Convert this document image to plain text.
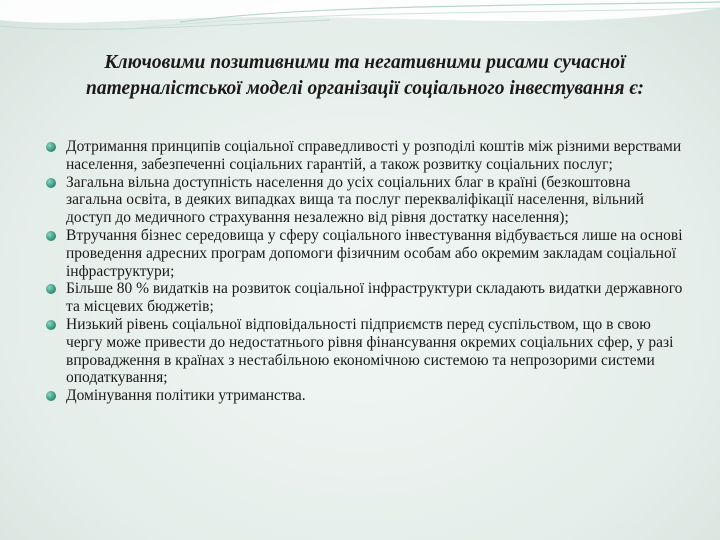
Ключовими позитивними та негативними рисами сучасної патерналістської моделі організації соціального інвестування є:
Дотримання принципів соціальної справедливості у розподілі коштів між різними верствами населення, забезпеченні соціальних гарантій, а також розвитку соціальних послуг;
Загальна вільна доступність населення до усіх соціальних благ в країні (безкоштовна загальна освіта, в деяких випадках вища та послуг перекваліфікації населення, вільний доступ до медичного страхування незалежно від рівня достатку населення);
Втручання бізнес середовища у сферу соціального інвестування відбувається лише на основі проведення адресних програм допомоги фізичним особам або окремим закладам соціальної інфраструктури;
Більше 80 % видатків на розвиток соціальної інфраструктури складають видатки державного та місцевих бюджетів;
Низький рівень соціальної відповідальності підприємств перед суспільством, що в свою чергу може привести до недостатнього рівня фінансування окремих соціальних сфер, у разі впровадження в країнах з нестабільною економічною системою та непрозорими системи оподаткування;
Домінування політики утриманства.
